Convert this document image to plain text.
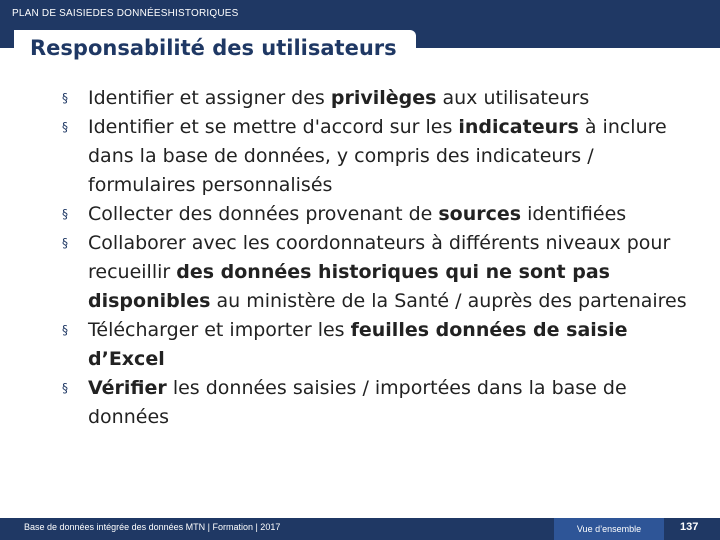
PLAN DE SAISIEDES DONNÉESHISTORIQUES
Responsabilité des utilisateurs
§ Identifier et assigner des privilèges aux utilisateurs
§ Identifier et se mettre d'accord sur les indicateurs à inclure dans la base de données, y compris des indicateurs / formulaires personnalisés
§ Collecter des données provenant de sources identifiées
§ Collaborer avec les coordonnateurs à différents niveaux pour recueillir des données historiques qui ne sont pas disponibles au ministère de la Santé / auprès des partenaires
§ Télécharger et importer les feuilles données de saisie d’Excel
§ Vérifier les données saisies / importées dans la base de données
Base de données intégrée des données MTN | Formation | 2017	Vue d’ensemble	137
